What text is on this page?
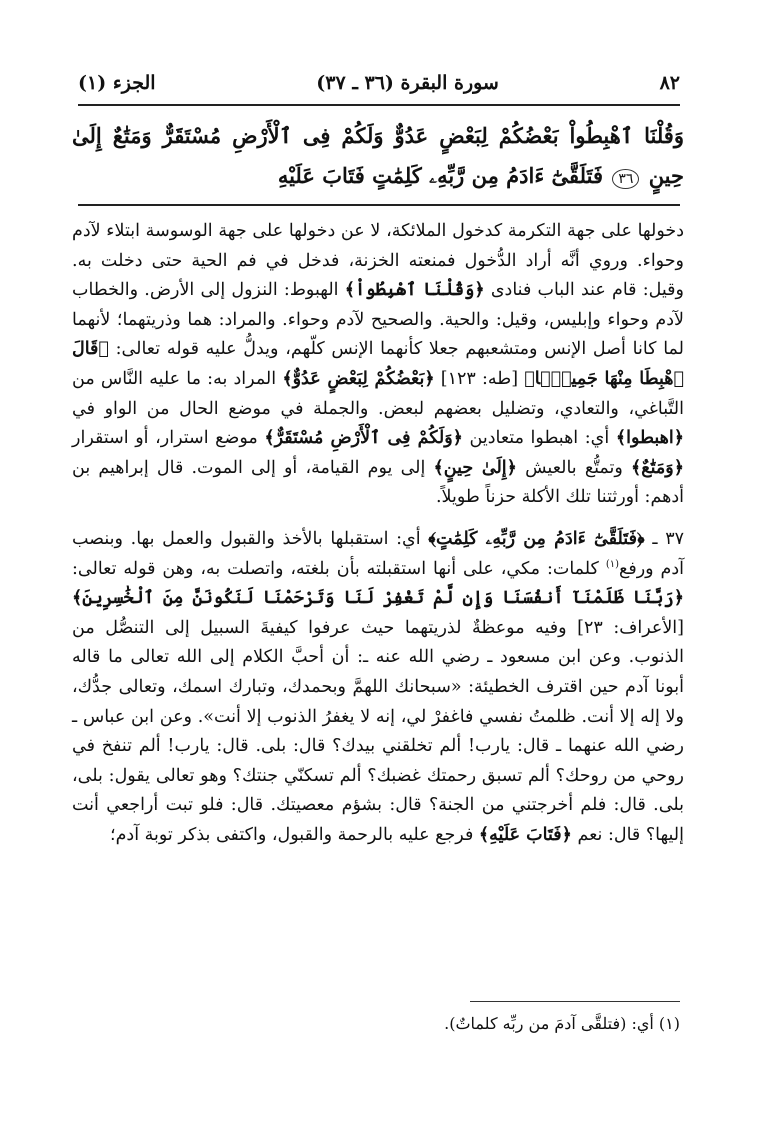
٨٢
سورة البقرة (٣٦ ـ ٣٧)
الجزء (١)
وَقُلْنَا ٱهْبِطُواْ بَعْضُكُمْ لِبَعْضٍ عَدُوٌّ وَلَكُمْ فِى ٱلْأَرْضِ مُسْتَقَرٌّ وَمَتَٰعٌ إِلَىٰ حِينٍ ٣٦ فَتَلَقَّىٰٓ ءَادَمُ مِن رَّبِّهِۦ كَلِمَٰتٍ فَتَابَ عَلَيْهِ

دخولها على جهة التكرمة كدخول الملائكة، لا عن دخولها على جهة الوسوسة ابتلاء لآدم وحواء. وروي أنَّه أراد الدُّخول فمنعته الخزنة، فدخل في فم الحية حتى دخلت به. وقيل: قام عند الباب فنادى ﴿وَقُلْنَا ٱهْبِطُواْ﴾ الهبوط: النزول إلى الأرض. والخطاب لآدم وحواء وإبليس، وقيل: والحية. والصحيح لآدم وحواء. والمراد: هما وذريتهما؛ لأنهما لما كانا أصل الإنس ومتشعبهم جعلا كأنهما الإنس كلّهم، ويدلُّ عليه قوله تعالى: ﴿قَالَ ٱهْبِطَا مِنْهَا جَمِيعًۢا﴾ [طه: ١٢٣] ﴿بَعْضُكُمْ لِبَعْضٍ عَدُوٌّ﴾ المراد به: ما عليه النَّاس من التَّباغي، والتعادي، وتضليل بعضهم لبعض. والجملة في موضع الحال من الواو في ﴿اهبطوا﴾ أي: اهبطوا متعادين ﴿وَلَكُمْ فِى ٱلْأَرْضِ مُسْتَقَرٌّ﴾ موضع استرار، أو استقرار ﴿وَمَتَٰعٌ﴾ وتمتُّع بالعيش ﴿إِلَىٰ حِينٍ﴾ إلى يوم القيامة، أو إلى الموت. قال إبراهيم بن أدهم: أورثتنا تلك الأكلة حزناً طويلاً.

٣٧ ـ ﴿فَتَلَقَّىٰٓ ءَادَمُ مِن رَّبِّهِۦ كَلِمَٰتٍ﴾ أي: استقبلها بالأخذ والقبول والعمل بها. وبنصب آدم ورفع$^{(١)}$ كلمات: مكي، على أنها استقبلته بأن بلغته، واتصلت به، وهن قوله تعالى: ﴿رَبَّنَا ظَلَمْنَآ أَنفُسَنَا وَإِن لَّمْ تَغْفِرْ لَنَا وَتَرْحَمْنَا لَنَكُونَنَّ مِنَ ٱلْخَٰسِرِينَ﴾ [الأعراف: ٢٣] وفيه موعظةٌ لذريتهما حيث عرفوا كيفيةَ السبيل إلى التنصُّل من الذنوب. وعن ابن مسعود ـ رضي الله عنه ـ: أن أحبَّ الكلام إلى الله تعالى ما قاله أبونا آدم حين اقترف الخطيئة: «سبحانك اللهمَّ وبحمدك، وتبارك اسمك، وتعالى جدُّك، ولا إله إلا أنت. ظلمتُ نفسي فاغفرْ لي، إنه لا يغفرُ الذنوب إلا أنت». وعن ابن عباس ـ رضي الله عنهما ـ قال: يارب! ألم تخلقني بيدك؟ قال: بلى. قال: يارب! ألم تنفخ في روحي من روحك؟ ألم تسبق رحمتك غضبك؟ ألم تسكنّي جنتك؟ وهو تعالى يقول: بلى، بلى. قال: فلم أخرجتني من الجنة؟ قال: بشؤم معصيتك. قال: فلو تبت أراجعي أنت إليها؟ قال: نعم ﴿فَتَابَ عَلَيْهِ﴾ فرجع عليه بالرحمة والقبول، واكتفى بذكر توبة آدم؛

(١) أي: (فتلقَّى آدمَ من ربِّه كلماتٌ).
